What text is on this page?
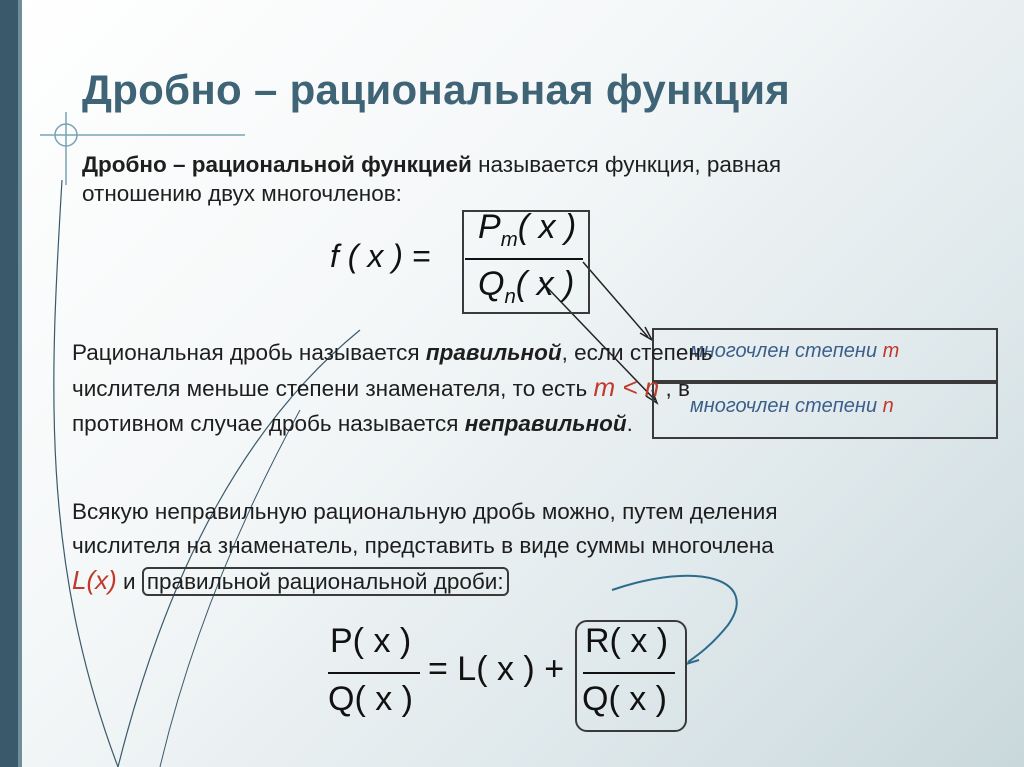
Дробно – рациональная функция
Дробно – рациональной функцией называется функция, равная
отношению двух многочленов:
f ( x ) =
$P_m$( x )
$Q_n$( x )
многочлен степени m
многочлен степени n
Рациональная дробь называется правильной, если степень
числителя меньше степени знаменателя, то есть m < n , в
противном случае дробь называется неправильной.
Всякую неправильную рациональную дробь можно, путем деления
числителя на знаменатель, представить в виде суммы многочлена
L(x) и правильной рациональной дроби:
P( x )
Q( x )
= L( x ) +
R( x )
Q( x )
